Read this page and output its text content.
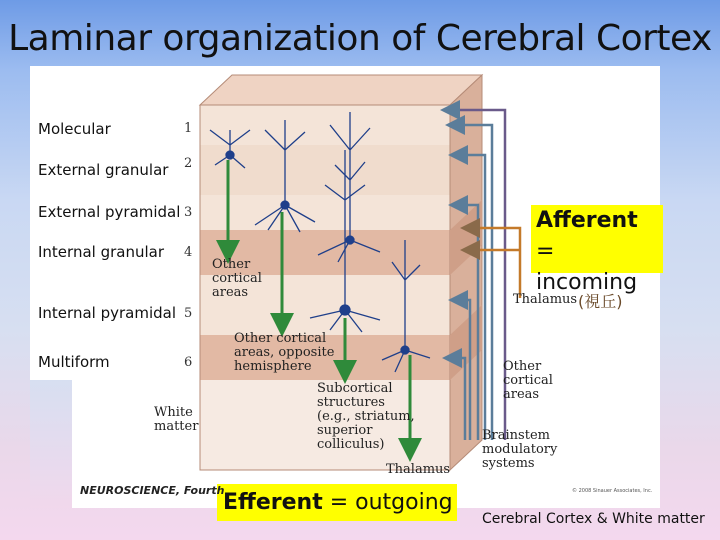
Laminar organization of Cerebral Cortex
Molecular	1
External granular 2
External pyramidal 3
Internal granular 4
Internal pyramidal 5
Multiform	6
White
matter
Other
cortical
areas
Other cortical
areas, opposite
hemisphere
Subcortical
structures
(e.g., striatum,
superior
colliculus)
Thalamus
Thalamus (視丘)
Other
cortical
areas
Brainstem
modulatory
systems
Afferent =
incoming
Efferent = outgoing
NEUROSCIENCE, Fourth	© 2008 Sinauer Associates, Inc.
Cerebral Cortex & White matter
